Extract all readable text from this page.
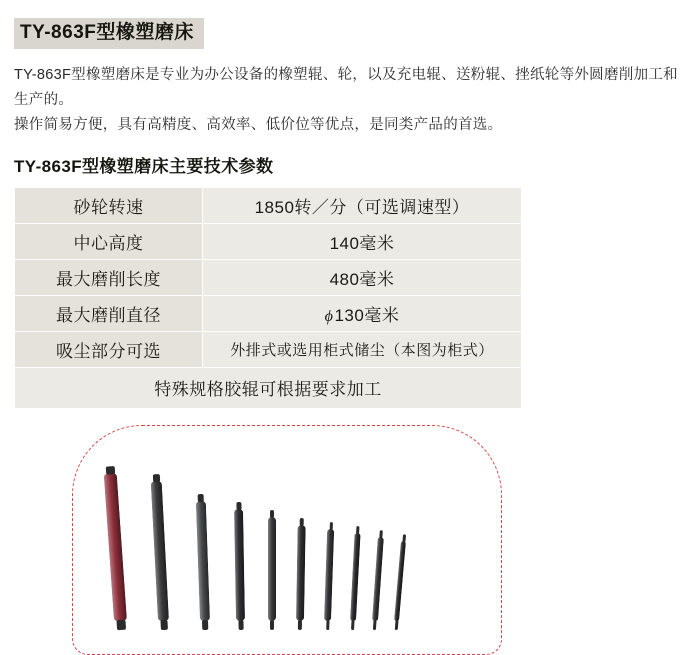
TY-863F型橡塑磨床

TY-863F型橡塑磨床是专业为办公设备的橡塑辊、轮，以及充电辊、送粉辊、挫纸轮等外圆磨削加工和生产的。

操作简易方便，具有高精度、高效率、低价位等优点，是同类产品的首选。

TY-863F型橡塑磨床主要技术参数
砂轮转速	1850转／分（可选调速型）
中心高度	140毫米
最大磨削长度	480毫米
最大磨削直径	ϕ130毫米
吸尘部分可选	外排式或选用柜式储尘（本图为柜式）
特殊规格胶辊可根据要求加工	
